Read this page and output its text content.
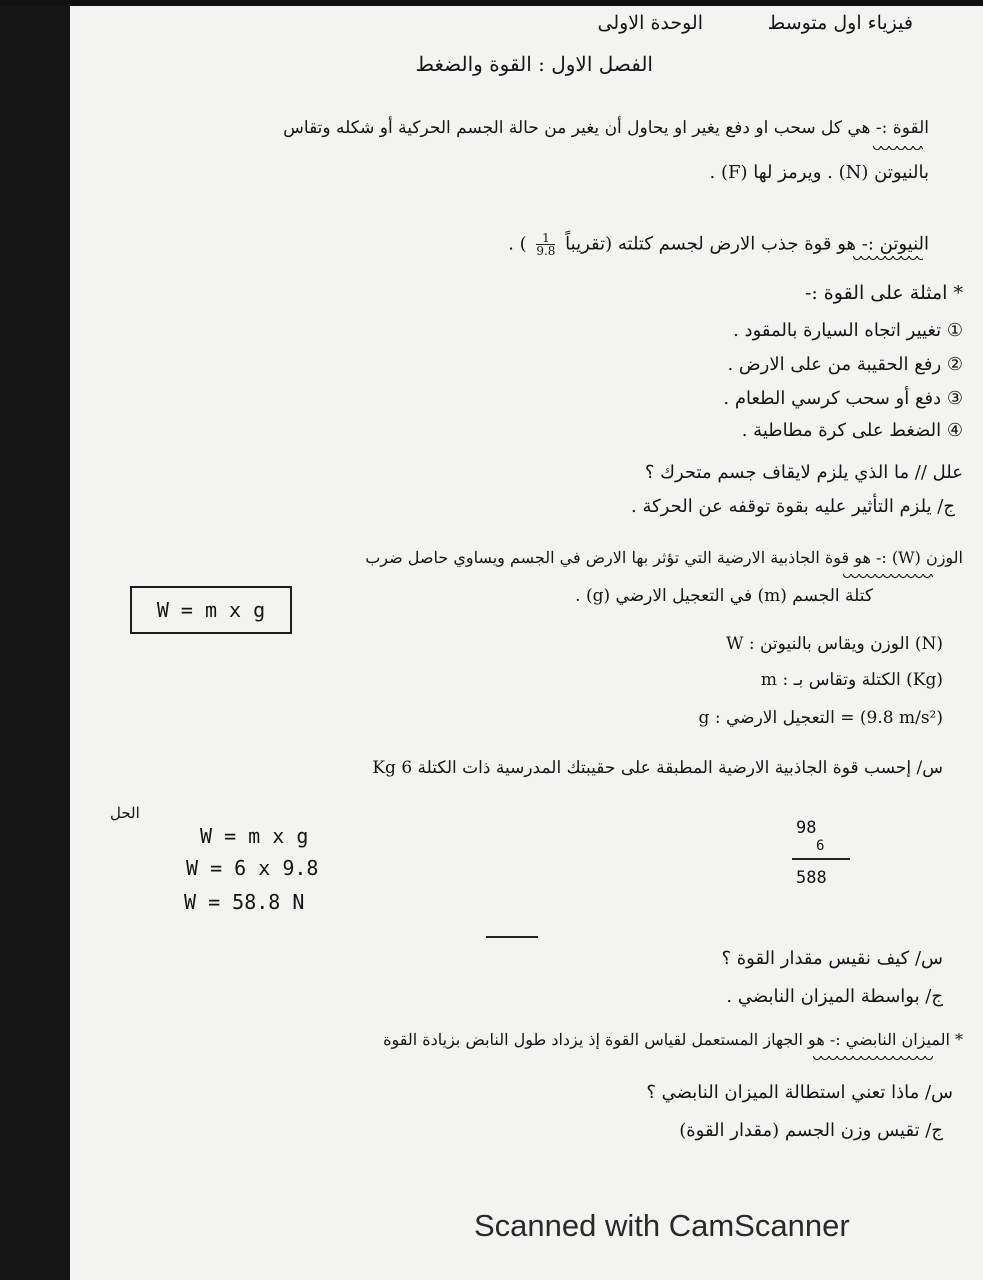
الوحدة الاولى	فيزياء اول متوسط
الفصل الاول : القوة والضغط
القوة :- هي كل سحب او دفع يغير او يحاول أن يغير من حالة الجسم الحركية أو شكله وتقاس
بالنيوتن (N) . ويرمز لها (F) .
النيوتن :- هو قوة جذب الارض لجسم كتلته (تقريباً
$\frac{1}{9.8}$
) .
* امثلة على القوة :-
① تغيير اتجاه السيارة بالمقود .
② رفع الحقيبة من على الارض .
③ دفع أو سحب كرسي الطعام .
④ الضغط على كرة مطاطية .
علل // ما الذي يلزم لايقاف جسم متحرك ؟
ج/ يلزم التأثير عليه بقوة توقفه عن الحركة .
الوزن (W) :- هو قوة الجاذبية الارضية التي تؤثر بها الارض في الجسم ويساوي حاصل ضرب
كتلة الجسم (m) في التعجيل الارضي (g) .
W = m x g
W : الوزن ويقاس بالنيوتن (N)
m : الكتلة وتقاس بـ (Kg)
g : التعجيل الارضي = (9.8 m/s²)
س/ إحسب قوة الجاذبية الارضية المطبقة على حقيبتك المدرسية ذات الكتلة 6 Kg
الحل
W = m x g
W = 6 x 9.8
W = 58.8 N
98
6
588
س/ كيف نقيس مقدار القوة ؟
ج/ بواسطة الميزان النابضي .
* الميزان النابضي :- هو الجهاز المستعمل لقياس القوة إذ يزداد طول النابض بزيادة القوة
س/ ماذا تعني استطالة الميزان النابضي ؟
ج/ تقيس وزن الجسم (مقدار القوة)
Scanned with CamScanner
